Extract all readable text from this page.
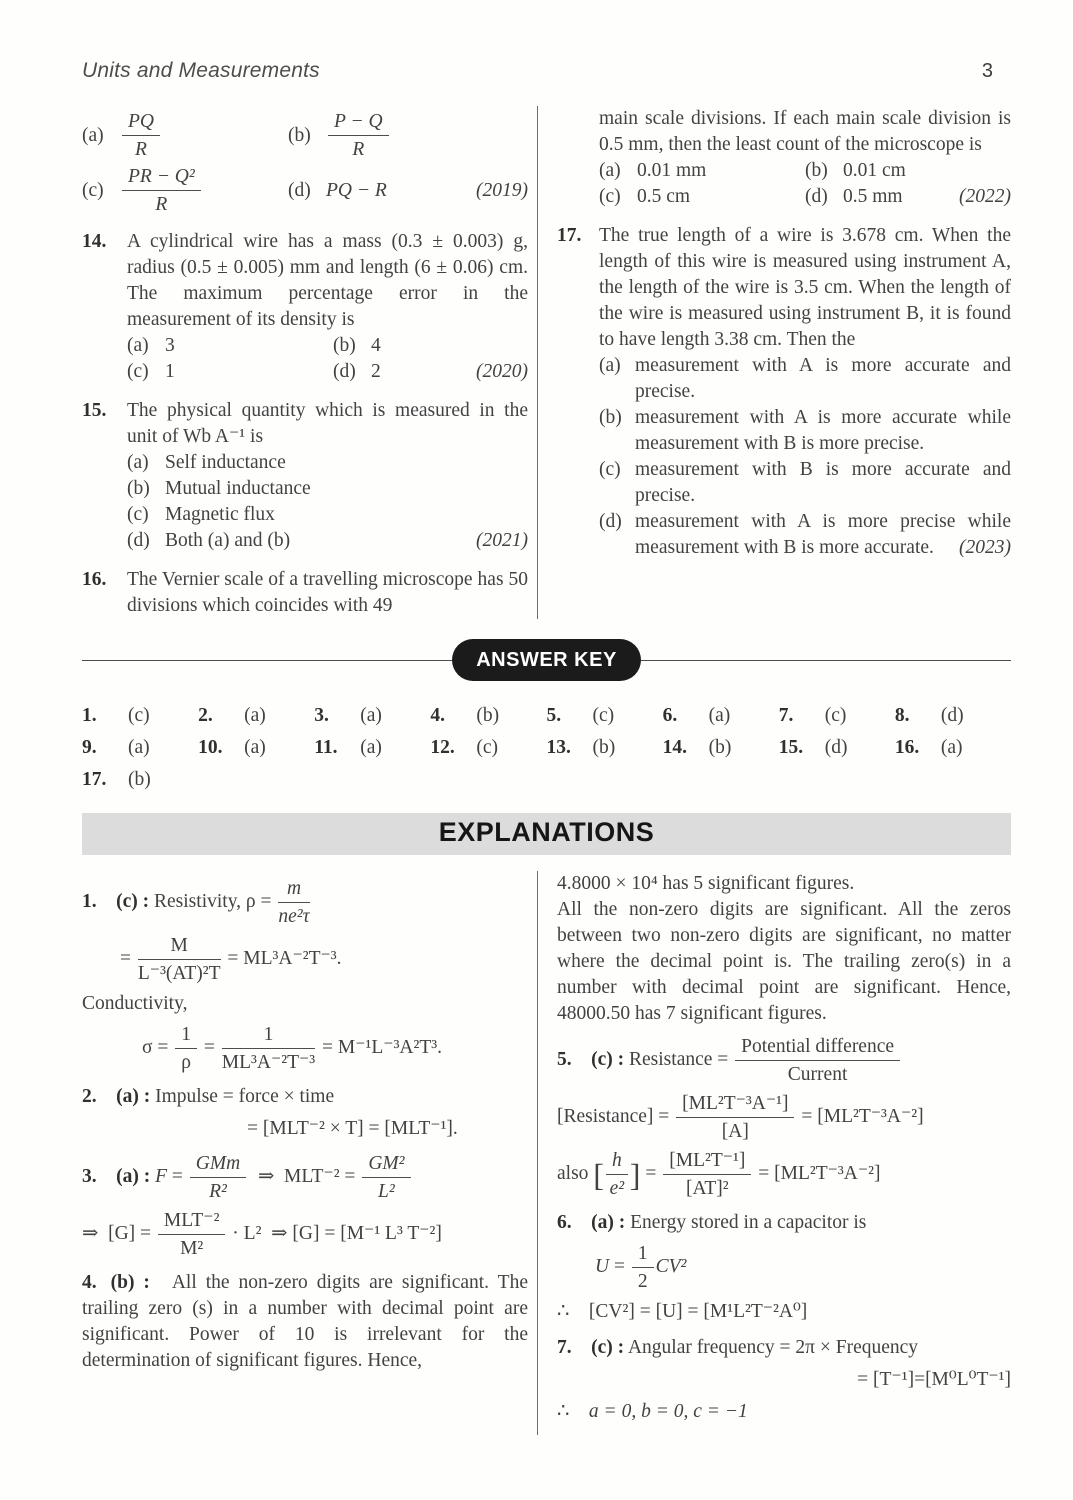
Units and Measurements	3
$(a) \frac{PQ}{R}$	$(b) \frac{P - Q}{R}$
$(c) \frac{\text{PR − Q²}}{R}$	(d) PQ − R	(2019)
14.	A cylindrical wire has a mass (0.3 ± 0.003) g, radius (0.5 ± 0.005) mm and length (6 ± 0.06) cm. The maximum percentage error in the measurement of its density is
(a) 3	(b) 4
(c) 1	(d) 2	(2020)
15.	The physical quantity which is measured in the unit of Wb A⁻¹ is
(a) Self inductance
(b) Mutual inductance
(c) Magnetic flux
(d) Both (a) and (b)	(2021)
16.	The Vernier scale of a travelling microscope has 50 divisions which coincides with 49
main scale divisions. If each main scale division is 0.5 mm, then the least count of the microscope is
(a) 0.01 mm	(b) 0.01 cm
(c) 0.5 cm	(d) 0.5 mm	(2022)
17. The true length of a wire is 3.678 cm. When the length of this wire is measured using instrument A, the length of the wire is 3.5 cm. When the length of the wire is measured using instrument B, it is found to have length 3.38 cm. Then the
(a) measurement with A is more accurate and precise.
(b) measurement with A is more accurate while measurement with B is more precise.
(c) measurement with B is more accurate and precise.
(d) measurement with A is more precise while measurement with B is more accurate.	(2023)
ANSWER KEY
1.	(c) 2.	(a) 3.	(a) 4.	(b) 5.	(c) 6.	(a) 7.	(c) 8.	(d)
9.	(a) 10.	(a) 11.	(a) 12.	(c) 13.	(b) 14.	(b) 15.	(d) 16.	(a)
17.	(b)
EXPLANATIONS
1. (c) : Resistivity, $\rho = \frac{m}{\text{ne²τ}}$
= $\frac{M}{\text{L⁻³(AT)²T}} = ML^3A^{-2}T^{-3}$.
Conductivity,
$\sigma = \frac{1}{\rho} = \frac{1}{\text{ML³A⁻²T⁻³}} = M^{-1}L^{-3}A^2T^3$.
2. (a) : Impulse = force × time
= [MLT⁻² × T] = [MLT⁻¹].
3. (a) : $F = \frac{\text{GMm}}{\text{R²}}$  ⇒ $MLT^{-2} = \frac{\text{GM²}}{\text{L²}}$
⇒ $[G] = \frac{\text{MLT⁻²}}{\text{M²}} \cdot L^2$ ⇒ [G] = [M⁻¹ L³ T⁻²]

4. (b) : All the non-zero digits are significant. The trailing zero (s) in a number with decimal point are significant. Power of 10 is irrelevant for the determination of significant figures. Hence,

4.8000 × 10⁴ has 5 significant figures.
All the non-zero digits are significant. All the zeros between two non-zero digits are significant, no matter where the decimal point is. The trailing zero(s) in a number with decimal point are significant. Hence, 48000.50 has 7 significant figures.
5. (c) : Resistance = $\frac{\text{Potential difference}}{\text{Current}}$
[Resistance] = $\frac{\text{[ML²T⁻³A⁻¹]}}{[A]} = [ML^2T^{-3}A^{-2}]$
also [ $\frac{h}{\text{e²}}$ ] = $\frac{\text{[ML²T⁻¹]}}{\text{[AT]²}} = [ML^2T^{-3}A^{-2}]$
6. (a) : Energy stored in a capacitor is
$U = \frac{1}{2} CV^2$
∴ [CV²] = [U] = [M¹L²T⁻²A⁰]
7. (c) : Angular frequency = 2π × Frequency
= [T⁻¹]=[M⁰L⁰T⁻¹]
∴ a = 0, b = 0, c = −1
